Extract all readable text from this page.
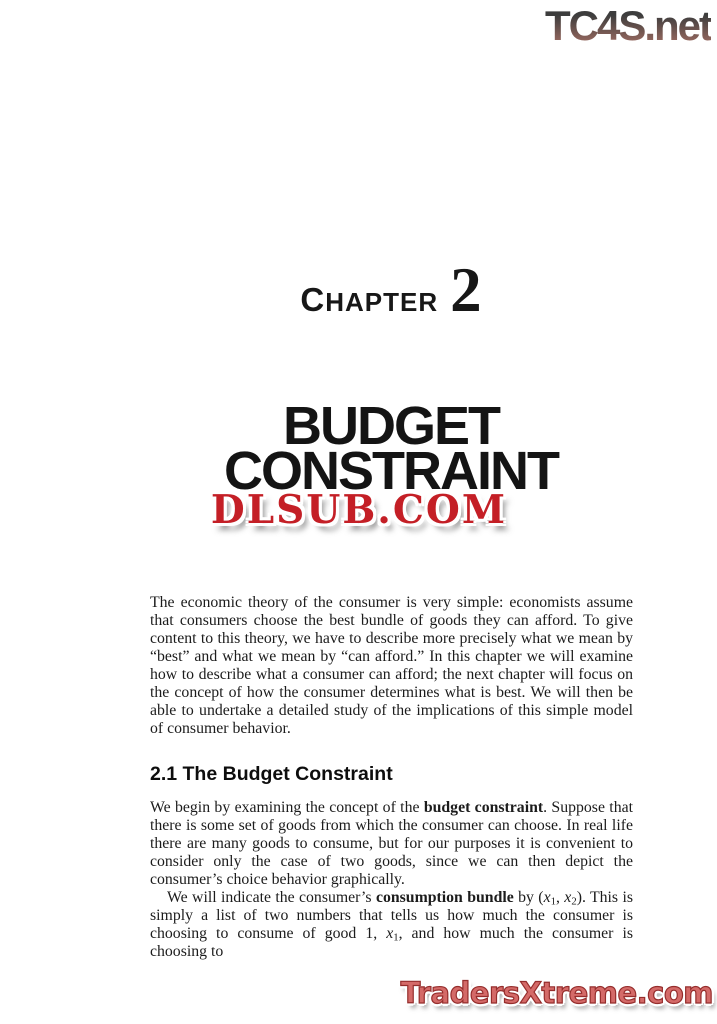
TC4S.net
CHAPTER 2
BUDGET
CONSTRAINT
DLSUB.COM

The economic theory of the consumer is very simple: economists assume that consumers choose the best bundle of goods they can afford. To give content to this theory, we have to describe more precisely what we mean by “best” and what we mean by “can afford.” In this chapter we will examine how to describe what a consumer can afford; the next chapter will focus on the concept of how the consumer determines what is best. We will then be able to undertake a detailed study of the implications of this simple model of consumer behavior.

2.1 The Budget Constraint

We begin by examining the concept of the budget constraint. Suppose that there is some set of goods from which the consumer can choose. In real life there are many goods to consume, but for our purposes it is convenient to consider only the case of two goods, since we can then depict the consumer’s choice behavior graphically.

We will indicate the consumer’s consumption bundle by ($x_1$, $x_2$). This is simply a list of two numbers that tells us how much the consumer is choosing to consume of good 1, $x_1$, and how much the consumer is choosing to

TradersXtreme.com
